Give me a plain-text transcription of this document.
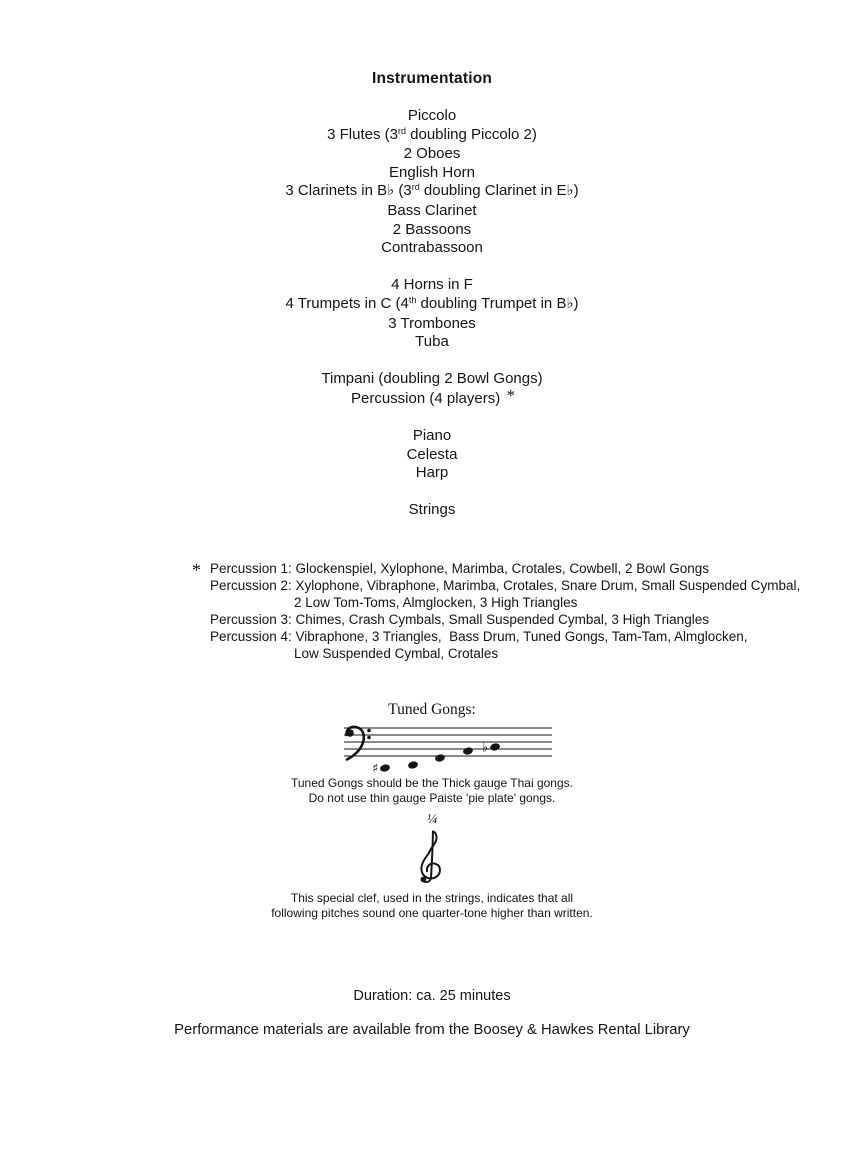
Instrumentation
Piccolo
3 Flutes (3rd doubling Piccolo 2)
2 Oboes
English Horn
3 Clarinets in B♭ (3rd doubling Clarinet in E♭)
Bass Clarinet
2 Bassoons
Contrabassoon
4 Horns in F
4 Trumpets in C (4th doubling Trumpet in B♭)
3 Trombones
Tuba
Timpani (doubling 2 Bowl Gongs)
Percussion (4 players) *
Piano
Celesta
Harp
Strings
* Percussion 1: Glockenspiel, Xylophone, Marimba, Crotales, Cowbell, 2 Bowl Gongs
Percussion 2: Xylophone, Vibraphone, Marimba, Crotales, Snare Drum, Small Suspended Cymbal,
2 Low Tom-Toms, Almglocken, 3 High Triangles
Percussion 3: Chimes, Crash Cymbals, Small Suspended Cymbal, 3 High Triangles
Percussion 4: Vibraphone, 3 Triangles,  Bass Drum, Tuned Gongs, Tam-Tam, Almglocken,
Low Suspended Cymbal, Crotales
Tuned Gongs:
♯
♭
Tuned Gongs should be the Thick gauge Thai gongs.
Do not use thin gauge Paiste 'pie plate' gongs.
¼
This special clef, used in the strings, indicates that all
following pitches sound one quarter-tone higher than written.
Duration: ca. 25 minutes
Performance materials are available from the Boosey & Hawkes Rental Library
